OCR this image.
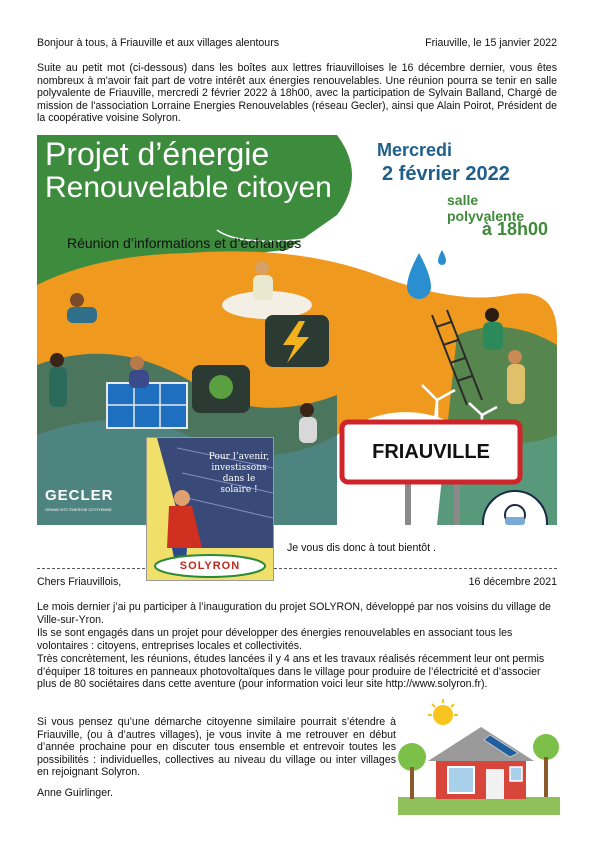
Bonjour à tous, à Friauville et aux villages alentours	Friauville, le 15 janvier 2022
Suite au petit mot (ci-dessous) dans les boîtes aux lettres friauvilloises le 16 décembre dernier, vous êtes nombreux à m'avoir fait part de votre intérêt aux énergies renouvelables. Une réunion pourra se tenir en salle polyvalente de Friauville, mercredi 2 février 2022 à 18h00, avec la participation de Sylvain Balland, Chargé de mission de l'association Lorraine Energies Renouvelables (réseau Gecler), ainsi que Alain Poirot, Président de la coopérative voisine Solyron.
Projet d’énergie
Renouvelable citoyen
Mercredi
2 février 2022
salle polyvalente
à 18h00
Réunion d’informations et d’échanges
FRIAUVILLE
GECLER
GRAND EST ÉNERGIE CITOYENNE
Pour l’avenir, investissons dans le solaire !
SOLYRON
Je vous dis donc à tout bientôt .
Chers Friauvillois,	16 décembre 2021
Le mois dernier j’ai pu participer à l’inauguration du projet SOLYRON, développé par nos voisins du village de Ville-sur-Yron.
Ils se sont engagés dans un projet pour développer des énergies renouvelables en associant tous les volontaires : citoyens, entreprises locales et collectivités.
Très concrètement, les réunions, études lancées il y 4 ans et les travaux réalisés récemment leur ont permis d’équiper 18 toitures en panneaux photovoltaïques dans le village pour produire de l’électricité et d’associer plus de 80 sociétaires dans cette aventure (pour information voici leur site http://www.solyron.fr).
Si vous pensez qu’une démarche citoyenne similaire pourrait s’étendre à Friauville, (ou à d’autres villages), je vous invite à me retrouver en début d’année prochaine pour en discuter tous ensemble et entrevoir toutes les possibilités : individuelles, collectives au niveau du village ou inter villages en rejoignant Solyron.
Anne Guirlinger.
